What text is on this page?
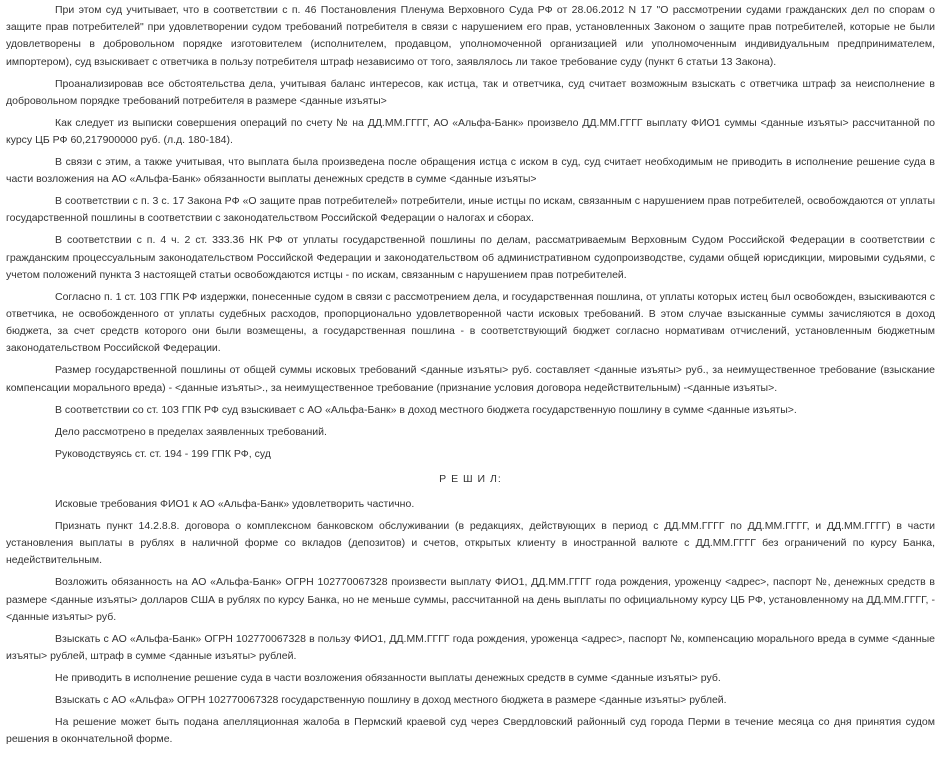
При этом суд учитывает, что в соответствии с п. 46 Постановления Пленума Верховного Суда РФ от 28.06.2012 N 17 "О рассмотрении судами гражданских дел по спорам о защите прав потребителей" при удовлетворении судом требований потребителя в связи с нарушением его прав, установленных Законом о защите прав потребителей, которые не были удовлетворены в добровольном порядке изготовителем (исполнителем, продавцом, уполномоченной организацией или уполномоченным индивидуальным предпринимателем, импортером), суд взыскивает с ответчика в пользу потребителя штраф независимо от того, заявлялось ли такое требование суду (пункт 6 статьи 13 Закона).

Проанализировав все обстоятельства дела, учитывая баланс интересов, как истца, так и ответчика, суд считает возможным взыскать с ответчика штраф за неисполнение в добровольном порядке требований потребителя в размере <данные изъяты>

Как следует из выписки совершения операций по счету № на ДД.ММ.ГГГГ, АО «Альфа-Банк» произвело ДД.ММ.ГГГГ выплату ФИО1 суммы <данные изъяты> рассчитанной по курсу ЦБ РФ 60,217900000 руб. (л.д. 180-184).

В связи с этим, а также учитывая, что выплата была произведена после обращения истца с иском в суд, суд считает необходимым не приводить в исполнение решение суда в части возложения на АО «Альфа-Банк» обязанности выплаты денежных средств в сумме <данные изъяты>

В соответствии с п. 3 с. 17 Закона РФ «О защите прав потребителей» потребители, иные истцы по искам, связанным с нарушением прав потребителей, освобождаются от уплаты государственной пошлины в соответствии с законодательством Российской Федерации о налогах и сборах.

В соответствии с п. 4 ч. 2 ст. 333.36 НК РФ от уплаты государственной пошлины по делам, рассматриваемым Верховным Судом Российской Федерации в соответствии с гражданским процессуальным законодательством Российской Федерации и законодательством об административном судопроизводстве, судами общей юрисдикции, мировыми судьями, с учетом положений пункта 3 настоящей статьи освобождаются истцы - по искам, связанным с нарушением прав потребителей.

Согласно п. 1 ст. 103 ГПК РФ издержки, понесенные судом в связи с рассмотрением дела, и государственная пошлина, от уплаты которых истец был освобожден, взыскиваются с ответчика, не освобожденного от уплаты судебных расходов, пропорционально удовлетворенной части исковых требований. В этом случае взысканные суммы зачисляются в доход бюджета, за счет средств которого они были возмещены, а государственная пошлина - в соответствующий бюджет согласно нормативам отчислений, установленным бюджетным законодательством Российской Федерации.

Размер государственной пошлины от общей суммы исковых требований <данные изъяты> руб. составляет <данные изъяты> руб., за неимущественное требование (взыскание компенсации морального вреда) - <данные изъяты>., за неимущественное требование (признание условия договора недействительным) -<данные изъяты>.

В соответствии со ст. 103 ГПК РФ суд взыскивает с АО «Альфа-Банк» в доход местного бюджета государственную пошлину в сумме <данные изъяты>.

Дело рассмотрено в пределах заявленных требований.

Руководствуясь ст. ст. 194 - 199 ГПК РФ, суд

Р Е Ш И Л:

Исковые требования ФИО1 к АО «Альфа-Банк» удовлетворить частично.

Признать пункт 14.2.8.8. договора о комплексном банковском обслуживании (в редакциях, действующих в период с ДД.ММ.ГГГГ по ДД.ММ.ГГГГ, и ДД.ММ.ГГГГ) в части установления выплаты в рублях в наличной форме со вкладов (депозитов) и счетов, открытых клиенту в иностранной валюте с ДД.ММ.ГГГГ без ограничений по курсу Банка, недействительным.

Возложить обязанность на АО «Альфа-Банк» ОГРН 102770067328 произвести выплату ФИО1, ДД.ММ.ГГГГ года рождения, уроженцу <адрес>, паспорт №, денежных средств в размере <данные изъяты> долларов США в рублях по курсу Банка, но не меньше суммы, рассчитанной на день выплаты по официальному курсу ЦБ РФ, установленному на ДД.ММ.ГГГГ, - <данные изъяты> руб.

Взыскать с АО «Альфа-Банк» ОГРН 102770067328 в пользу ФИО1, ДД.ММ.ГГГГ года рождения, уроженца <адрес>, паспорт №, компенсацию морального вреда в сумме <данные изъяты> рублей, штраф в сумме <данные изъяты> рублей.

Не приводить в исполнение решение суда в части возложения обязанности выплаты денежных средств в сумме <данные изъяты> руб.

Взыскать с АО «Альфа» ОГРН 102770067328 государственную пошлину в доход местного бюджета в размере <данные изъяты> рублей.

На решение может быть подана апелляционная жалоба в Пермский краевой суд через Свердловский районный суд города Перми в течение месяца со дня принятия судом решения в окончательной форме.
